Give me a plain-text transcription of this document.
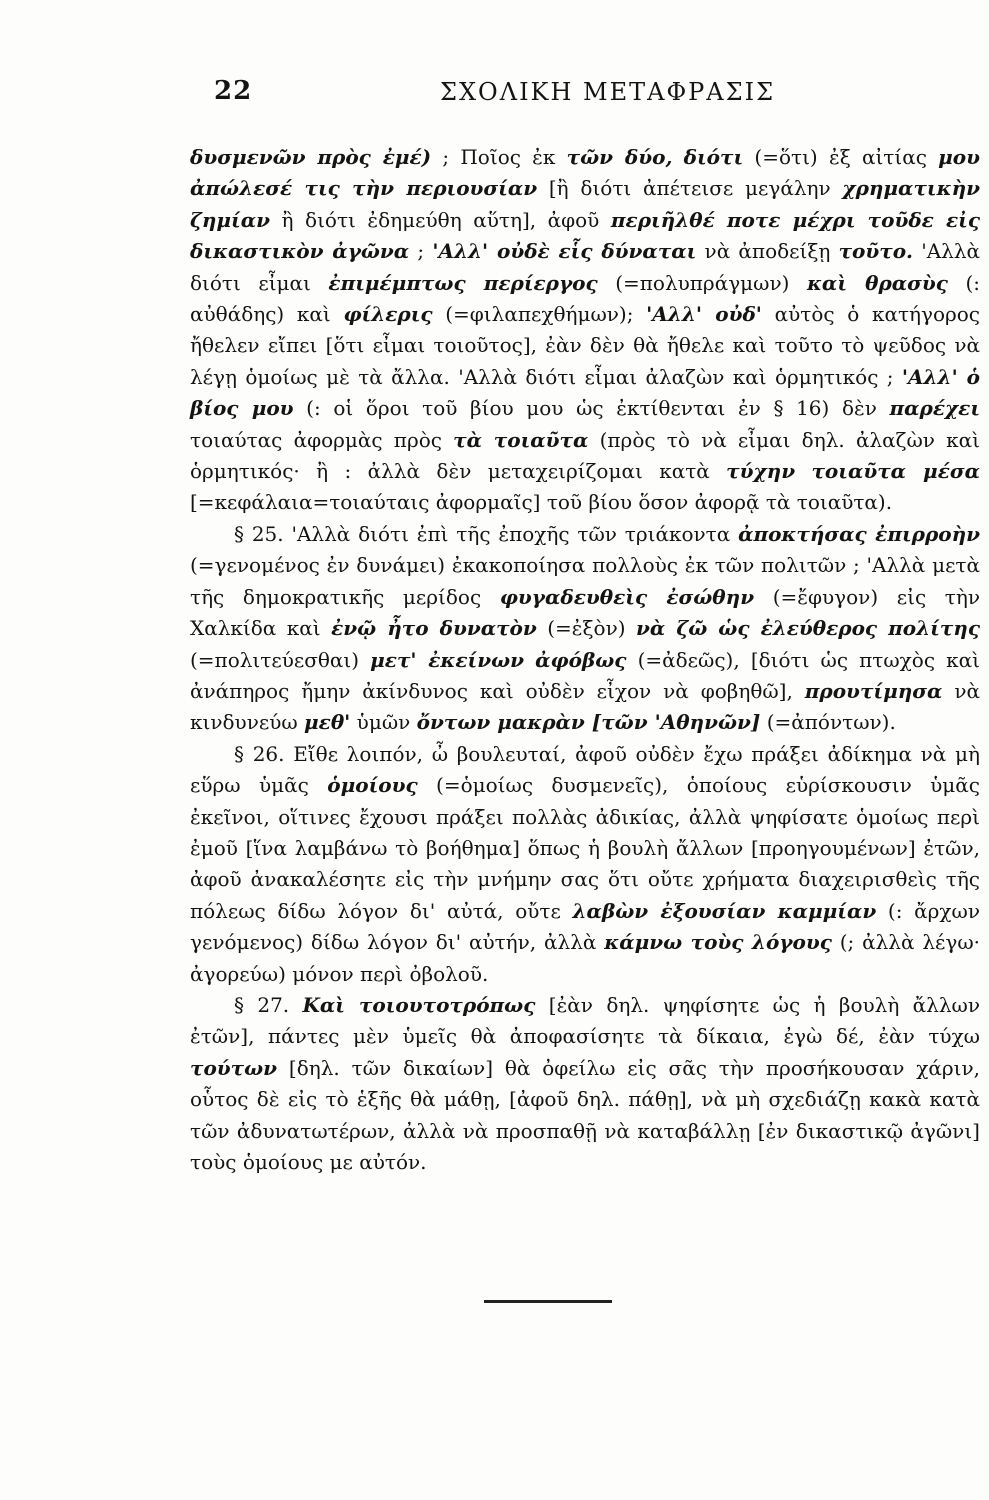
22	ΣΧΟΛΙΚΗ ΜΕΤΑΦΡΑΣΙΣ

δυσμενῶν πρὸς ἐμέ) ; Ποῖος ἐκ τῶν δύο, διότι (=ὅτι) ἐξ αἰτίας μου ἀπώλεσέ τις τὴν περιουσίαν [ἢ διότι ἀπέτεισε μεγάλην χρηματικὴν ζημίαν ἢ διότι ἐδημεύθη αὕτη], ἀφοῦ περιῆλθέ ποτε μέχρι τοῦδε εἰς δικαστικὸν ἀγῶνα ; 'Αλλ' οὐδὲ εἷς δύναται νὰ ἀποδείξῃ τοῦτο. 'Αλλὰ διότι εἶμαι ἐπιμέμπτως περίεργος (=πολυπράγμων) καὶ θρασὺς (: αὐθάδης) καὶ φίλερις (=φιλαπεχθήμων); 'Αλλ' οὐδ' αὐτὸς ὁ κατήγορος ἤθελεν εἴπει [ὅτι εἶμαι τοιοῦτος], ἐὰν δὲν θὰ ἤθελε καὶ τοῦτο τὸ ψεῦδος νὰ λέγῃ ὁμοίως μὲ τὰ ἄλλα. 'Αλλὰ διότι εἶμαι ἀλαζὼν καὶ ὁρμητικός ; 'Αλλ' ὁ βίος μου (: οἱ ὅροι τοῦ βίου μου ὡς ἐκτίθενται ἐν § 16) δὲν παρέχει τοιαύτας ἀφορμὰς πρὸς τὰ τοιαῦτα (πρὸς τὸ νὰ εἶμαι δηλ. ἀλαζὼν καὶ ὁρμητικός· ἢ : ἀλλὰ δὲν μεταχειρίζομαι κατὰ τύχην τοιαῦτα μέσα [=κεφάλαια=τοιαύταις ἀφορμαῖς] τοῦ βίου ὅσον ἀφορᾷ τὰ τοιαῦτα).

§ 25. 'Αλλὰ διότι ἐπὶ τῆς ἐποχῆς τῶν τριάκοντα ἀποκτήσας ἐπιρροὴν (=γενομένος ἐν δυνάμει) ἐκακοποίησα πολλοὺς ἐκ τῶν πολιτῶν ; 'Αλλὰ μετὰ τῆς δημοκρατικῆς μερίδος φυγαδευθεὶς ἐσώθην (=ἔφυγον) εἰς τὴν Χαλκίδα καὶ ἐνῷ ἦτο δυνατὸν (=ἐξὸν) νὰ ζῶ ὡς ἐλεύθερος πολίτης (=πολιτεύεσθαι) μετ' ἐκείνων ἀφόβως (=ἀδεῶς), [διότι ὡς πτωχὸς καὶ ἀνάπηρος ἤμην ἀκίνδυνος καὶ οὐδὲν εἶχον νὰ φοβηθῶ], προυτίμησα νὰ κινδυνεύω μεθ' ὑμῶν ὄντων μακρὰν [τῶν 'Αθηνῶν] (=ἀπόντων).

§ 26. Εἴθε λοιπόν, ὦ βουλευταί, ἀφοῦ οὐδὲν ἔχω πράξει ἀδίκημα νὰ μὴ εὕρω ὑμᾶς ὁμοίους (=ὁμοίως δυσμενεῖς), ὁποίους εὑρίσκουσιν ὑμᾶς ἐκεῖνοι, οἵτινες ἔχουσι πράξει πολλὰς ἀδικίας, ἀλλὰ ψηφίσατε ὁμοίως περὶ ἐμοῦ [ἵνα λαμβάνω τὸ βοήθημα] ὅπως ἡ βουλὴ ἄλλων [προηγουμένων] ἐτῶν, ἀφοῦ ἀνακαλέσητε εἰς τὴν μνήμην σας ὅτι οὔτε χρήματα διαχειρισθεὶς τῆς πόλεως δίδω λόγον δι' αὐτά, οὔτε λαβὼν ἐξουσίαν καμμίαν (: ἄρχων γενόμενος) δίδω λόγον δι' αὐτήν, ἀλλὰ κάμνω τοὺς λόγους (; ἀλλὰ λέγω· ἀγορεύω) μόνον περὶ ὀβολοῦ.

§ 27. Καὶ τοιουτοτρόπως [ἐὰν δηλ. ψηφίσητε ὡς ἡ βουλὴ ἄλλων ἐτῶν], πάντες μὲν ὑμεῖς θὰ ἀποφασίσητε τὰ δίκαια, ἐγὼ δέ, ἐὰν τύχω τούτων [δηλ. τῶν δικαίων] θὰ ὀφείλω εἰς σᾶς τὴν προσήκουσαν χάριν, οὗτος δὲ εἰς τὸ ἑξῆς θὰ μάθῃ, [ἀφοῦ δηλ. πάθῃ], νὰ μὴ σχεδιάζῃ κακὰ κατὰ τῶν ἀδυνατωτέρων, ἀλλὰ νὰ προσπαθῇ νὰ καταβάλλῃ [ἐν δικαστικῷ ἀγῶνι] τοὺς ὁμοίους με αὐτόν.
